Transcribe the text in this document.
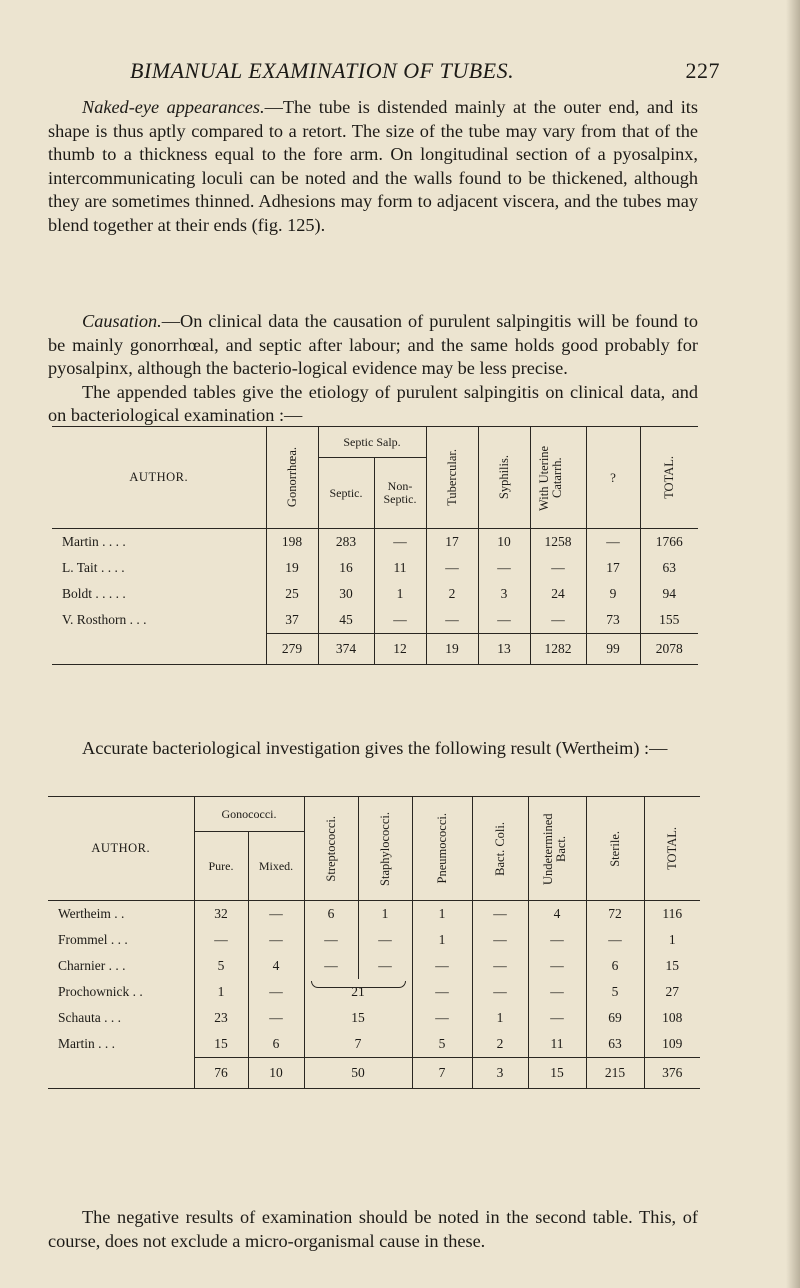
BIMANUAL EXAMINATION OF TUBES.	227

Naked-eye appearances.—The tube is distended mainly at the outer end, and its shape is thus aptly compared to a retort. The size of the tube may vary from that of the thumb to a thickness equal to the fore arm. On longitudinal section of a pyosalpinx, intercommunicating loculi can be noted and the walls found to be thickened, although they are sometimes thinned. Adhesions may form to adjacent viscera, and the tubes may blend together at their ends (fig. 125).

Causation.—On clinical data the causation of purulent salpingitis will be found to be mainly gonorrhœal, and septic after labour; and the same holds good probably for pyosalpinx, although the bacterio-logical evidence may be less precise.

The appended tables give the etiology of purulent salpingitis on clinical data, and on bacteriological examination :—

AUTHOR.	Gonorrhœa.	Septic Salp.		Tubercular.	Syphilis.	With Uterine Catarrh.	?	TOTAL.

		Septic.	Non-Septic.					

Martin . . . .	198	283	—	17	10	1258	—	1766
L. Tait . . . .	19	16	11	—	—	—	17	63
Boldt . . . . .	25	30	1	2	3	24	9	94
V. Rosthorn . . .	37	45	—	—	—	—	73	155
	279	374	12	19	13	1282	99	2078

Accurate bacteriological investigation gives the following result (Wertheim) :—

AUTHOR.	Gonococci.		Streptococci.	Staphylococci.	Pneumococci.	Bact. Coli.	Undetermined Bact.	Sterile.	TOTAL.

	Pure.	Mixed.							

Wertheim . .	32	—	6	1	1	—	4	72	116
Frommel . . .	—	—	—	—	1	—	—	—	1
Charnier . . .	5	4	—	—	—	—	—	6	15
Prochownick . .	1	—	21		—	—	—	5	27
Schauta . . .	23	—	15		—	1	—	69	108
Martin . . .	15	6	7		5	2	11	63	109
	76	10	50		7	3	15	215	376

The negative results of examination should be noted in the second table. This, of course, does not exclude a micro-organismal cause in these.
